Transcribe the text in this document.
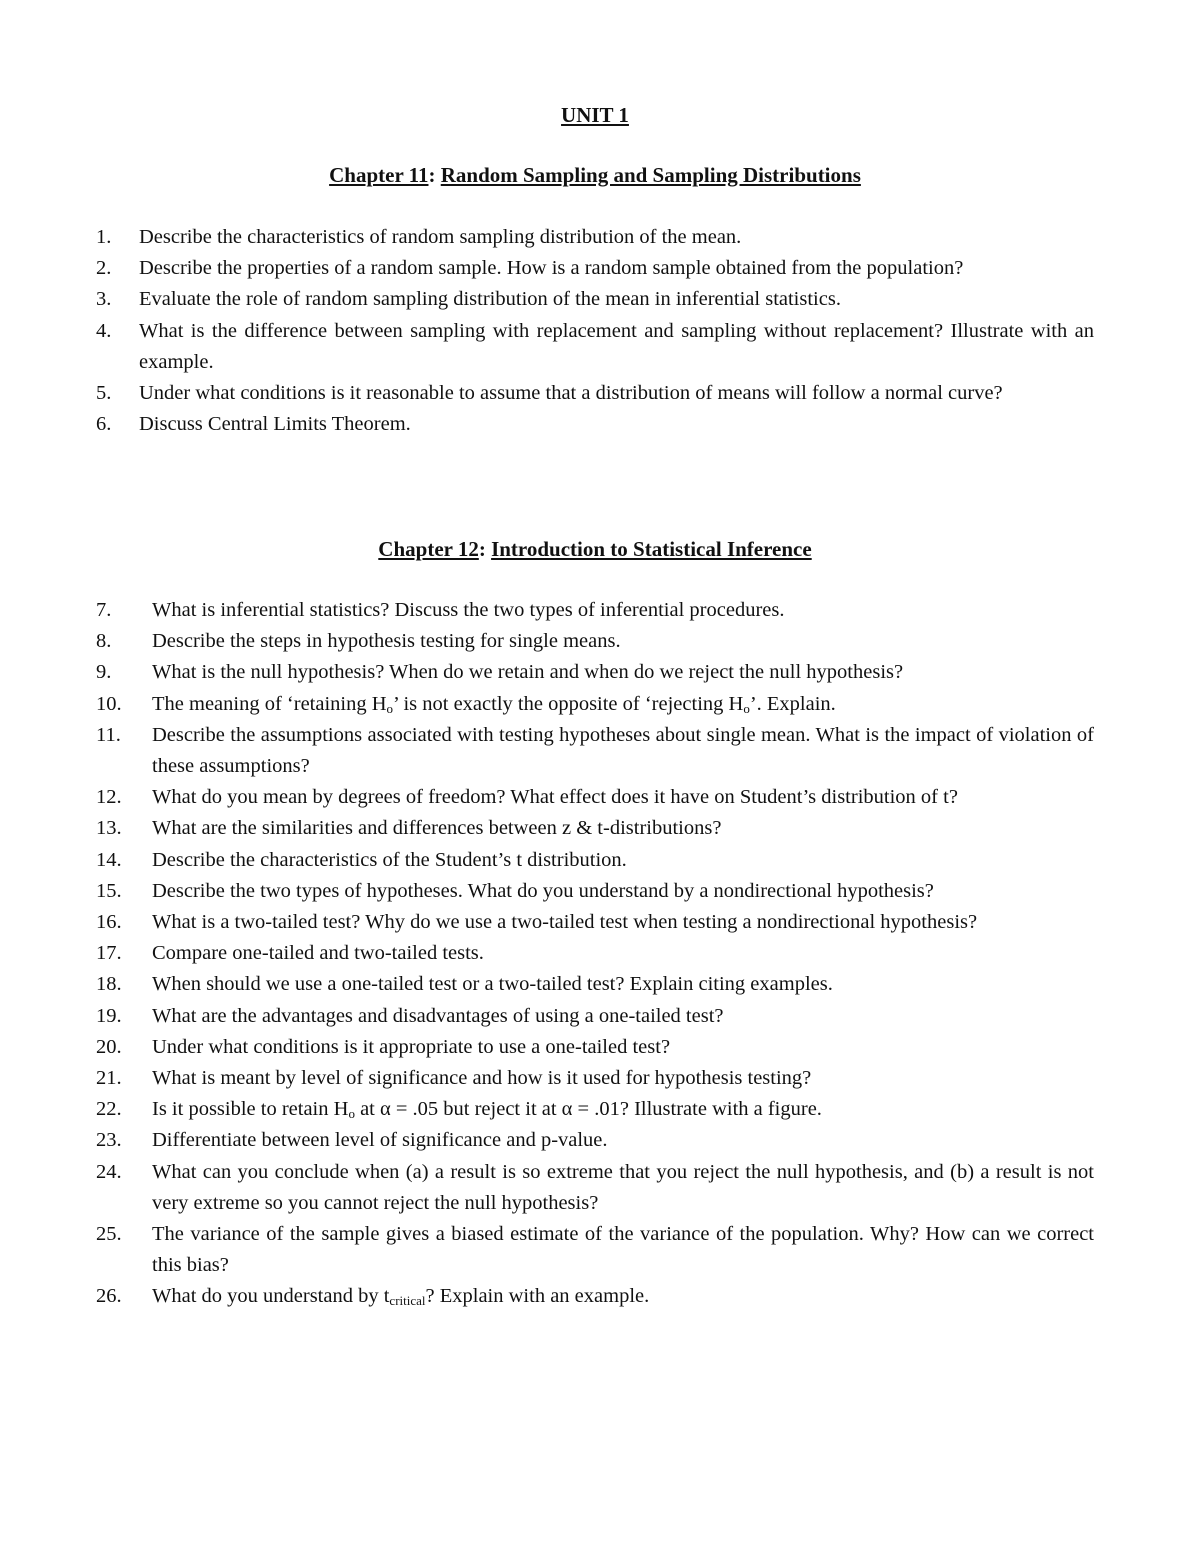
UNIT 1
Chapter 11: Random Sampling and Sampling Distributions
1. Describe the characteristics of random sampling distribution of the mean.
2. Describe the properties of a random sample. How is a random sample obtained from the population?
3. Evaluate the role of random sampling distribution of the mean in inferential statistics.
4. What is the difference between sampling with replacement and sampling without replacement? Illustrate with an example.
5. Under what conditions is it reasonable to assume that a distribution of means will follow a normal curve?
6. Discuss Central Limits Theorem.
Chapter 12: Introduction to Statistical Inference
7. What is inferential statistics? Discuss the two types of inferential procedures.
8. Describe the steps in hypothesis testing for single means.
9. What is the null hypothesis? When do we retain and when do we reject the null hypothesis?
10. The meaning of ‘retaining $H_o$’ is not exactly the opposite of ‘rejecting $H_o$’. Explain.
11. Describe the assumptions associated with testing hypotheses about single mean. What is the impact of violation of these assumptions?
12. What do you mean by degrees of freedom? What effect does it have on Student’s distribution of t?
13. What are the similarities and differences between z & t-distributions?
14. Describe the characteristics of the Student’s t distribution.
15. Describe the two types of hypotheses. What do you understand by a nondirectional hypothesis?
16. What is a two-tailed test? Why do we use a two-tailed test when testing a nondirectional hypothesis?
17. Compare one-tailed and two-tailed tests.
18. When should we use a one-tailed test or a two-tailed test? Explain citing examples.
19. What are the advantages and disadvantages of using a one-tailed test?
20. Under what conditions is it appropriate to use a one-tailed test?
21. What is meant by level of significance and how is it used for hypothesis testing?
22. Is it possible to retain $H_o$ at α = .05 but reject it at α = .01? Illustrate with a figure.
23. Differentiate between level of significance and p-value.
24. What can you conclude when (a) a result is so extreme that you reject the null hypothesis, and (b) a result is not very extreme so you cannot reject the null hypothesis?
25. The variance of the sample gives a biased estimate of the variance of the population. Why? How can we correct this bias?
26. What do you understand by $t_{critical}$? Explain with an example.
